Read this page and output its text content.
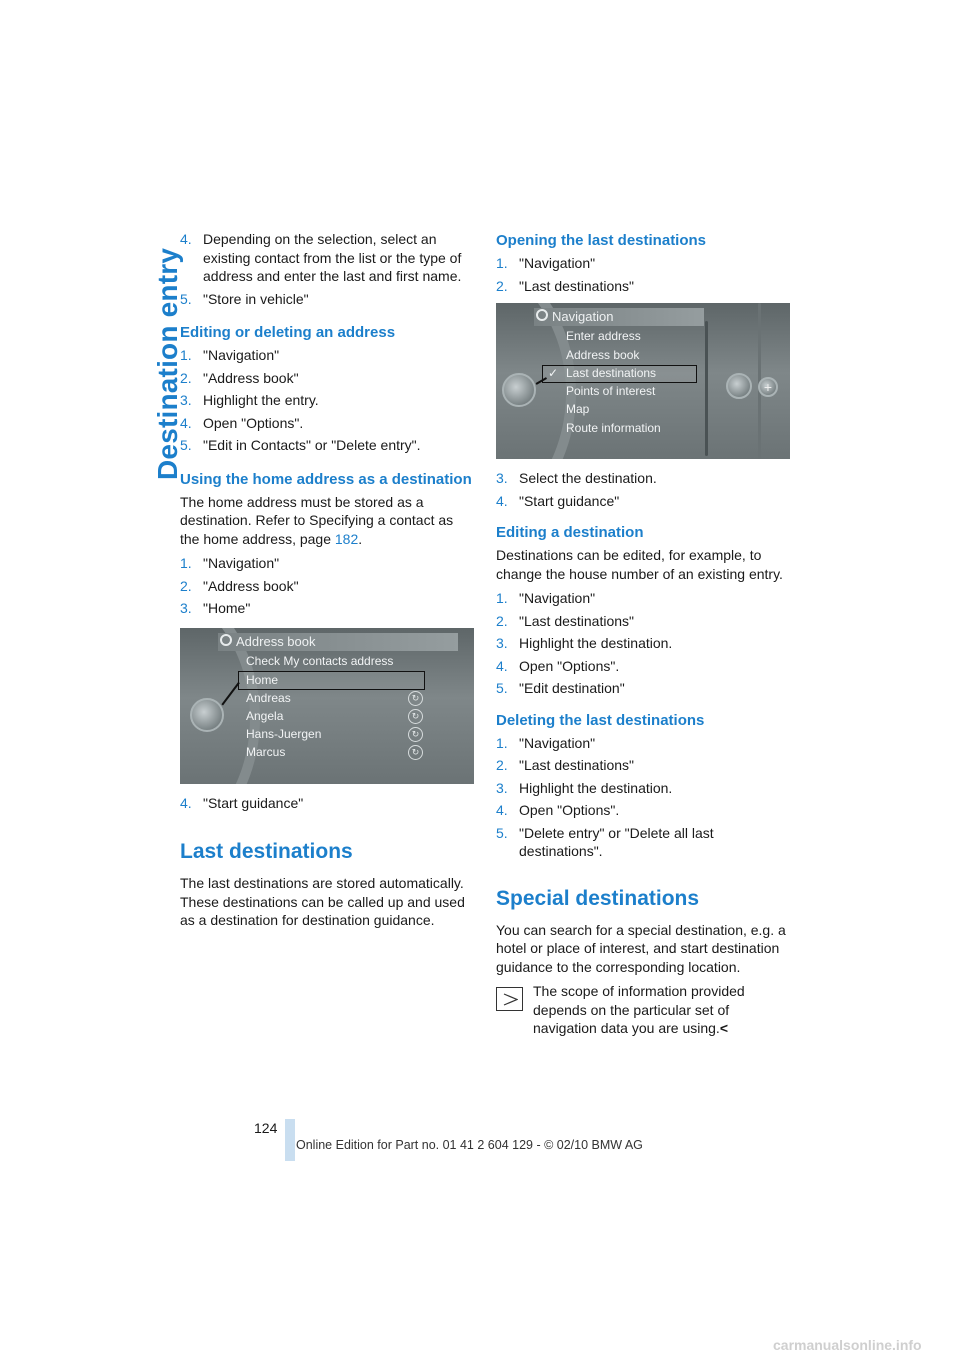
Destination entry
4. Depending on the selection, select an existing contact from the list or the type of address and enter the last and first name.
5. "Store in vehicle"
Editing or deleting an address
1. "Navigation"
2. "Address book"
3. Highlight the entry.
4. Open "Options".
5. "Edit in Contacts" or "Delete entry".
Using the home address as a destination

The home address must be stored as a destination. Refer to Specifying a contact as the home address, page 182.

1. "Navigation"
2. "Address book"
3. "Home"
Address book
Check My contacts address
Home
Andreas
Angela
Hans-Juergen
Marcus
↻
↻
↻
↻
4. "Start guidance"
Last destinations

The last destinations are stored automatically. These destinations can be called up and used as a destination for destination guidance.

Opening the last destinations
1. "Navigation"
2. "Last destinations"
Navigation
Enter address
Address book
✓ Last destinations
Points of interest
Map
Route information
+
3. Select the destination.
4. "Start guidance"
Editing a destination

Destinations can be edited, for example, to change the house number of an existing entry.

1. "Navigation"
2. "Last destinations"
3. Highlight the destination.
4. Open "Options".
5. "Edit destination"
Deleting the last destinations
1. "Navigation"
2. "Last destinations"
3. Highlight the destination.
4. Open "Options".
5. "Delete entry" or "Delete all last destinations".
Special destinations

You can search for a special destination, e.g. a hotel or place of interest, and start destination guidance to the corresponding location.

The scope of information provided depends on the particular set of navigation data you are using.<
124
Online Edition for Part no. 01 41 2 604 129 - © 02/10 BMW AG
carmanualsonline.info
